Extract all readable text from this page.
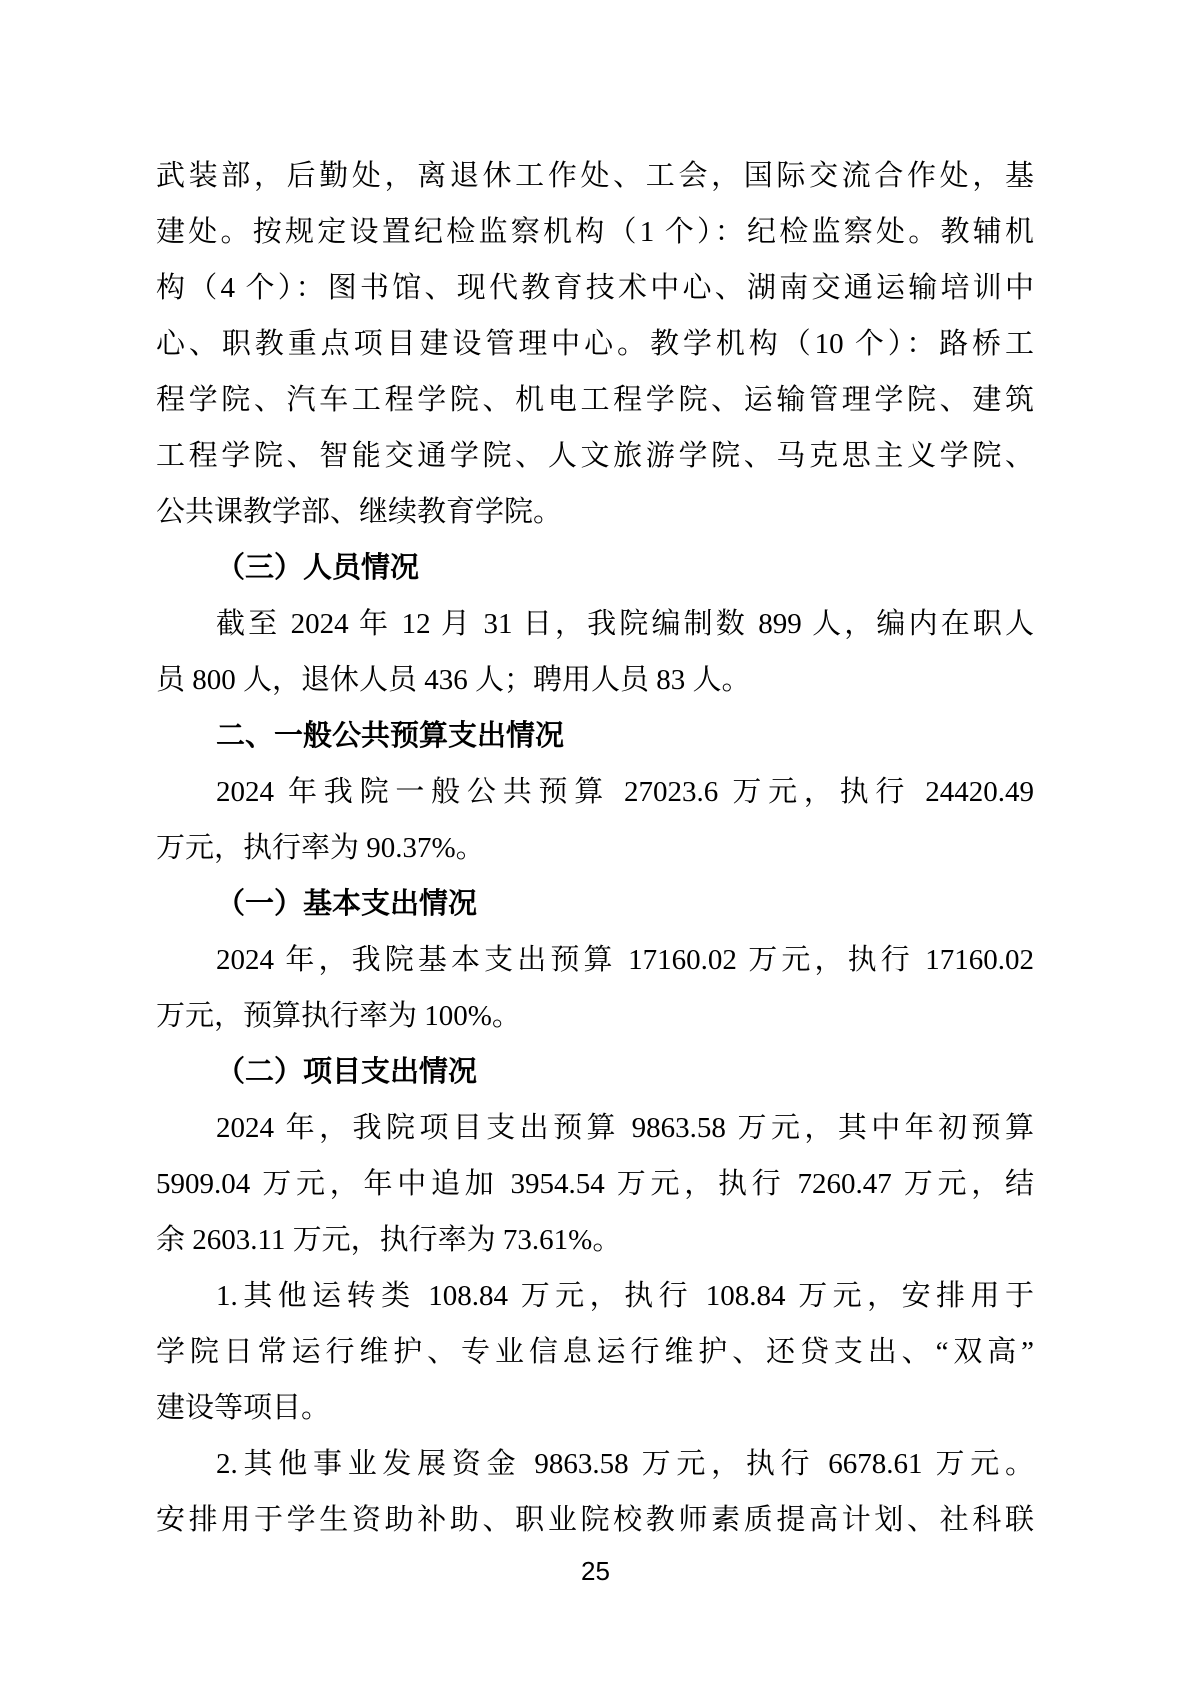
武装部，后勤处，离退休工作处、工会，国际交流合作处，基
建处。按规定设置纪检监察机构（1 个）：纪检监察处。教辅机
构（4 个）：图书馆、现代教育技术中心、湖南交通运输培训中
心、职教重点项目建设管理中心。教学机构（10 个）：路桥工
程学院、汽车工程学院、机电工程学院、运输管理学院、建筑
工程学院、智能交通学院、人文旅游学院、马克思主义学院、
公共课教学部、继续教育学院。
（三）人员情况
截至 2024 年 12 月 31 日，我院编制数 899 人，编内在职人
员 800 人，退休人员 436 人；聘用人员 83 人。
二、一般公共预算支出情况
2024 年我院一般公共预算 27023.6 万元，执行 24420.49
万元，执行率为 90.37%。
（一）基本支出情况
2024 年，我院基本支出预算 17160.02 万元，执行 17160.02
万元，预算执行率为 100%。
（二）项目支出情况
2024 年，我院项目支出预算 9863.58 万元，其中年初预算
5909.04 万元，年中追加 3954.54 万元，执行 7260.47 万元，结
余 2603.11 万元，执行率为 73.61%。
1.其他运转类 108.84 万元，执行 108.84 万元，安排用于
学院日常运行维护、专业信息运行维护、还贷支出、“双高”
建设等项目。
2.其他事业发展资金 9863.58 万元，执行 6678.61 万元。
安排用于学生资助补助、职业院校教师素质提高计划、社科联
25
